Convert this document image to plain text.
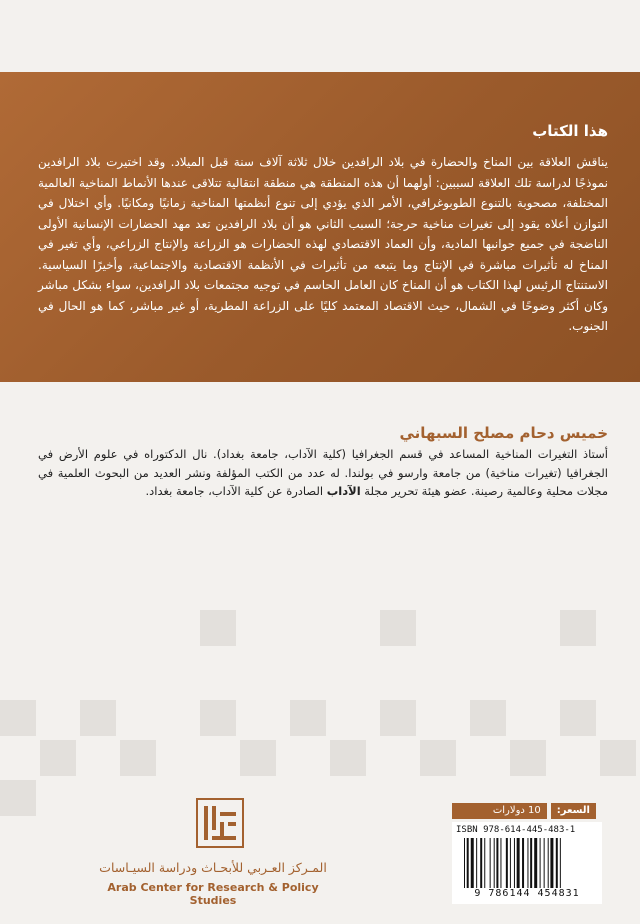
هذا الكتاب

يناقش العلاقة بين المناخ والحضارة في بلاد الرافدين خلال ثلاثة آلاف سنة قبل الميلاد. وقد اختيرت بلاد الرافدين نموذجًا لدراسة تلك العلاقة لسببين: أولهما أن هذه المنطقة هي منطقة انتقالية تتلاقى عندها الأنماط المناخية العالمية المختلفة، مصحوبة بالتنوع الطوبوغرافي، الأمر الذي يؤدي إلى تنوع أنظمتها المناخية زمانيًا ومكانيًا. وأي اختلال في التوازن أعلاه يقود إلى تغيرات مناخية حرجة؛ السبب الثاني هو أن بلاد الرافدين تعد مهد الحضارات الإنسانية الأولى الناضجة في جميع جوانبها المادية، وأن العماد الاقتصادي لهذه الحضارات هو الزراعة والإنتاج الزراعي، وأي تغير في المناخ له تأثيرات مباشرة في الإنتاج وما يتبعه من تأثيرات في الأنظمة الاقتصادية والاجتماعية، وأخيرًا السياسية. الاستنتاج الرئيس لهذا الكتاب هو أن المناخ كان العامل الحاسم في توجيه مجتمعات بلاد الرافدين، سواء بشكل مباشر وكان أكثر وضوحًا في الشمال، حيث الاقتصاد المعتمد كليًا على الزراعة المطرية، أو غير مباشر، كما هو الحال في الجنوب.

خميس دحام مصلح السبهاني

أستاذ التغيرات المناخية المساعد في قسم الجغرافيا (كلية الآداب، جامعة بغداد). نال الدكتوراه في علوم الأرض في الجغرافيا (تغيرات مناخية) من جامعة وارسو في بولندا. له عدد من الكتب المؤلفة ونشر العديد من البحوث العلمية في مجلات محلية وعالمية رصينة. عضو هيئة تحرير مجلة الآداب الصادرة عن كلية الآداب، جامعة بغداد.

المـركز العـربي للأبحـاث ودراسة السيـاسات

Arab Center for Research & Policy Studies

السعر:
10 دولارات

ISBN 978-614-445-483-1

9 786144 454831
